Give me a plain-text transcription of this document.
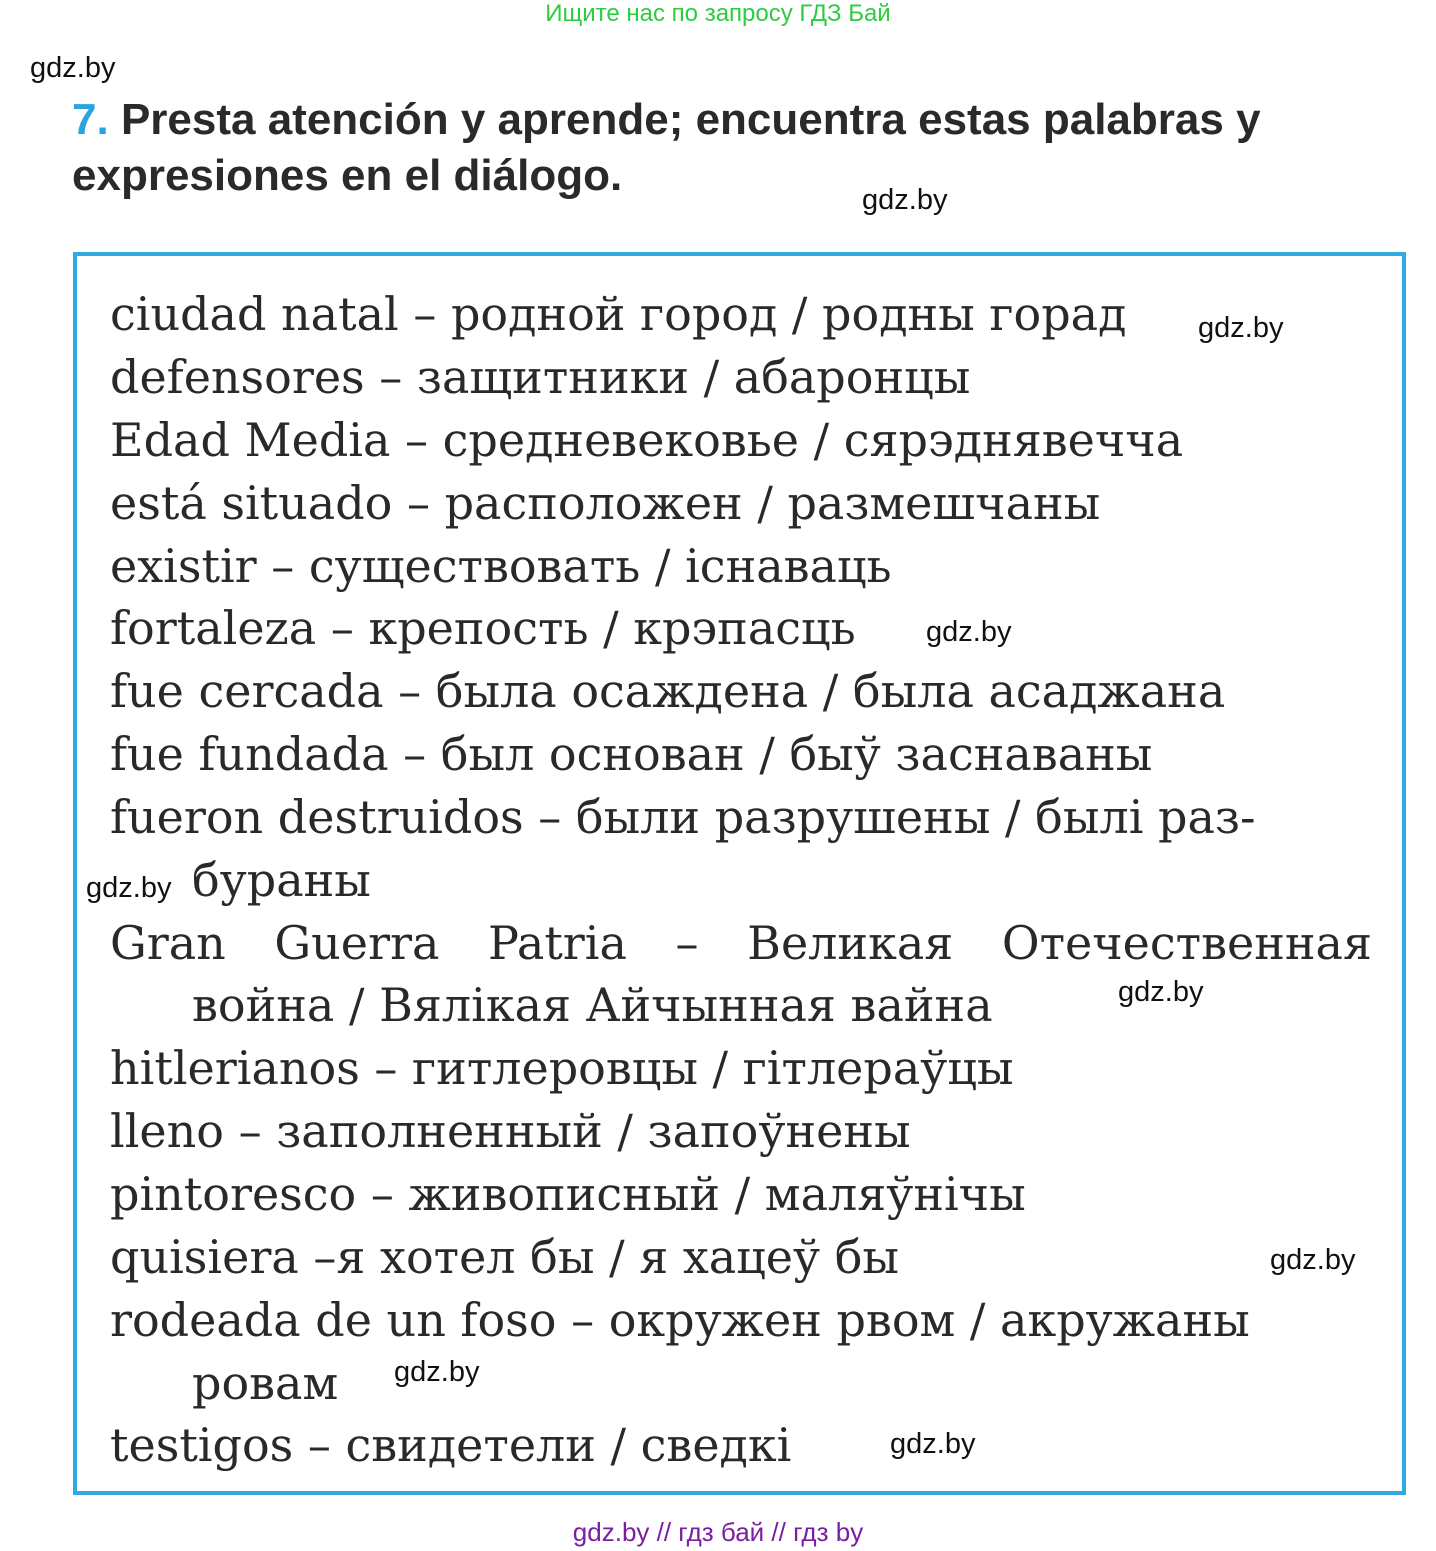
Ищите нас по запросу ГДЗ Бай
gdz.by
7. Presta atención y aprende; encuentra estas palabras y expresiones en el diálogo.	gdz.by
ciudad natal – родной город / родны горад gdz.by
defensores – защитники / абаронцы
Edad Media – средневековье / сярэднявечча
está situado – расположен / размешчаны
existir – существовать / існаваць
fortaleza – крепость / крэпасць gdz.by
fue cercada – была осаждена / была асаджана
fue fundada – был основан / быў заснаваны
fueron destruidos – были разрушены / былі раз-
gdz.by бураны
Gran Guerra Patria – Великая Отечественная
война / Вялікая Айчынная вайна	gdz.by
hitlerianos – гитлеровцы / гітлераўцы
lleno – заполненный / запоўнены
pintoresco – живописный / маляўнічы
quisiera –я хотел бы / я хацеў бы	gdz.by
rodeada de un foso – окружен рвом / акружаны
ровам gdz.by
testigos – свидетели / сведкі	gdz.by
gdz.by // гдз бай // гдз by
